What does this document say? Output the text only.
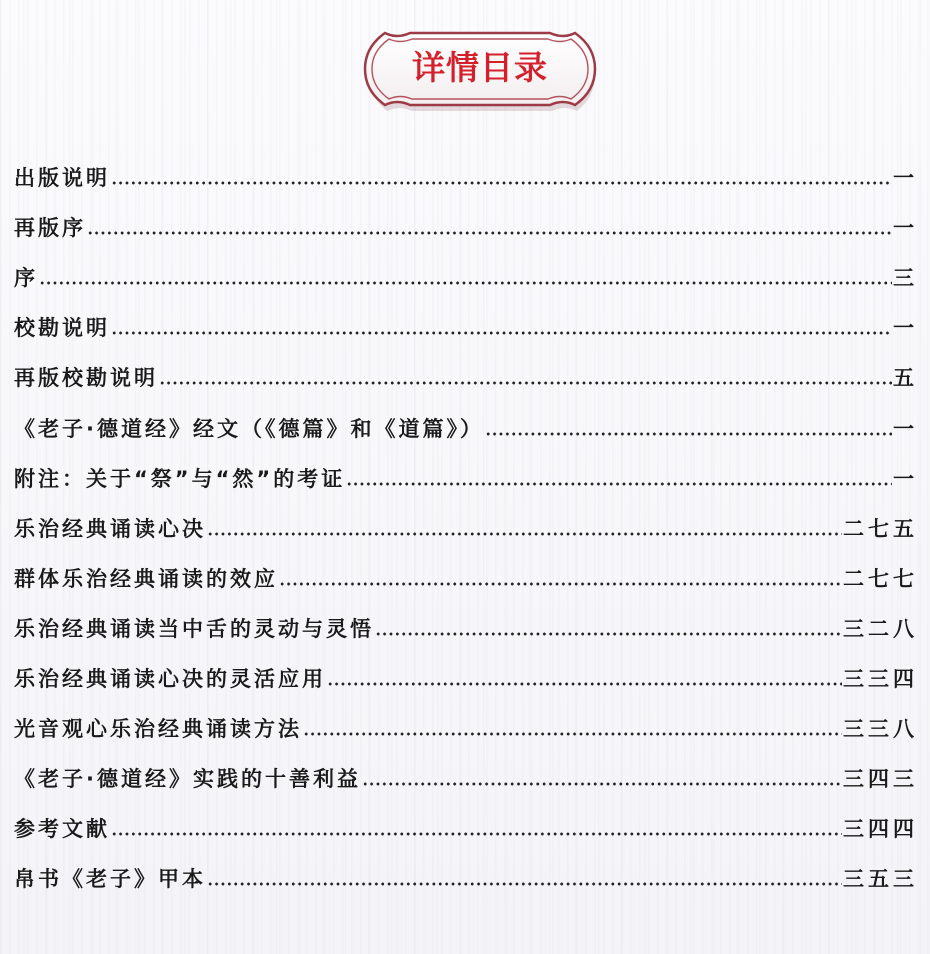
详情目录
出版说明	一
再版序	一
序	三
校勘说明	一
再版校勘说明	五
《老子·德道经》经文（《德篇》和《道篇》）	一
附注：关于“祭”与“然”的考证	一
乐治经典诵读心决	二七五
群体乐治经典诵读的效应	二七七
乐治经典诵读当中舌的灵动与灵悟	三二八
乐治经典诵读心决的灵活应用	三三四
光音观心乐治经典诵读方法	三三八
《老子·德道经》实践的十善利益	三四三
参考文献	三四四
帛书《老子》甲本	三五三
